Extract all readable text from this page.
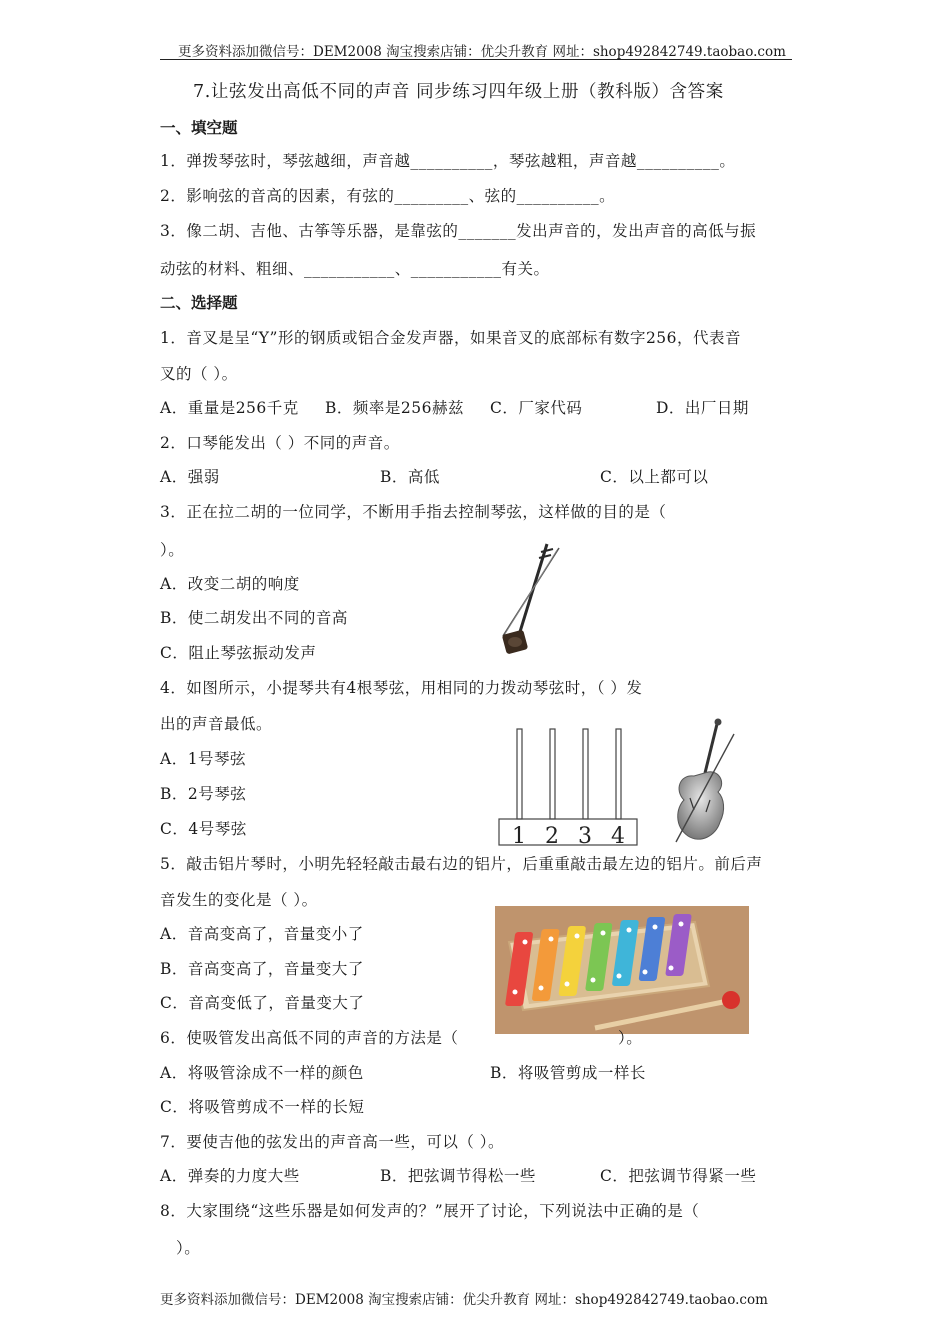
更多资料添加微信号：DEM2008 淘宝搜索店铺：优尖升教育 网址：shop492842749.taobao.com
7.让弦发出高低不同的声音 同步练习四年级上册（教科版）含答案
一、填空题
1．弹拨琴弦时，琴弦越细，声音越__________，琴弦越粗，声音越__________。
2．影响弦的音高的因素，有弦的_________、弦的__________。
3．像二胡、吉他、古筝等乐器，是靠弦的_______发出声音的，发出声音的高低与振
动弦的材料、粗细、___________、___________有关。
二、选择题
1．音叉是呈“Y”形的钢质或铝合金发声器，如果音叉的底部标有数字256，代表音
叉的（ ）。
A．重量是256千克 B．频率是256赫兹 C．厂家代码	D．出厂日期
2．口琴能发出（ ）不同的声音。
A．强弱	B．高低	C．以上都可以
3．正在拉二胡的一位同学，不断用手指去控制琴弦，这样做的目的是（
）。
A．改变二胡的响度
B．使二胡发出不同的音高
C．阻止琴弦振动发声
4．如图所示，小提琴共有4根琴弦，用相同的力拨动琴弦时，（ ）发
出的声音最低。
A．1号琴弦
B．2号琴弦
C．4号琴弦	1 2 3 4
5．敲击铝片琴时，小明先轻轻敲击最右边的铝片，后重重敲击最左边的铝片。前后声
音发生的变化是（ ）。
A．音高变高了，音量变小了
B．音高变高了，音量变大了
C．音高变低了，音量变大了
6．使吸管发出高低不同的声音的方法是（	）。
A．将吸管涂成不一样的颜色	B．将吸管剪成一样长
C．将吸管剪成不一样的长短
7．要使吉他的弦发出的声音高一些，可以（ ）。
A．弹奏的力度大些	B．把弦调节得松一些	C．把弦调节得紧一些
8．大家围绕“这些乐器是如何发声的？”展开了讨论，下列说法中正确的是（
）。
更多资料添加微信号：DEM2008 淘宝搜索店铺：优尖升教育 网址：shop492842749.taobao.com
